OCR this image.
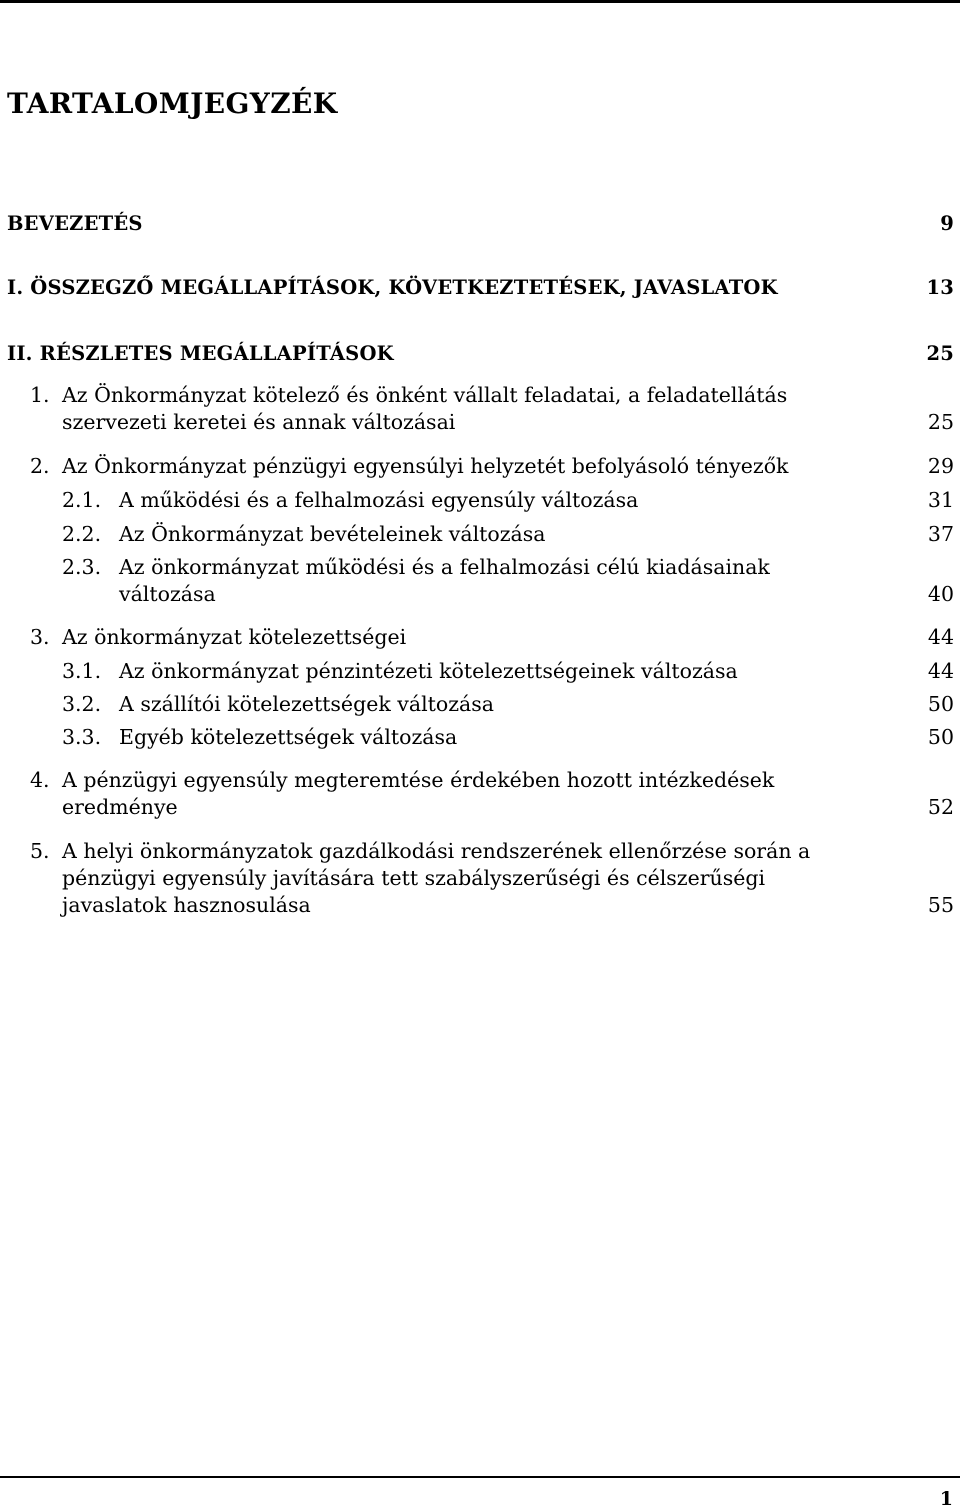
TARTALOMJEGYZÉK
BEVEZETÉS	9
I. ÖSSZEGZŐ MEGÁLLAPÍTÁSOK, KÖVETKEZTETÉSEK, JAVASLATOK	13
II. RÉSZLETES MEGÁLLAPÍTÁSOK	25
1. Az Önkormányzat kötelező és önként vállalt feladatai, a feladatellátás
szervezeti keretei és annak változásai	25
2. Az Önkormányzat pénzügyi egyensúlyi helyzetét befolyásoló tényezők	29
2.1. A működési és a felhalmozási egyensúly változása	31
2.2. Az Önkormányzat bevételeinek változása	37
2.3. Az önkormányzat működési és a felhalmozási célú kiadásainak
változása	40
3. Az önkormányzat kötelezettségei	44
3.1. Az önkormányzat pénzintézeti kötelezettségeinek változása	44
3.2. A szállítói kötelezettségek változása	50
3.3. Egyéb kötelezettségek változása	50
4. A pénzügyi egyensúly megteremtése érdekében hozott intézkedések
eredménye	52
5. A helyi önkormányzatok gazdálkodási rendszerének ellenőrzése során a
pénzügyi egyensúly javítására tett szabályszerűségi és célszerűségi
javaslatok hasznosulása	55
1
